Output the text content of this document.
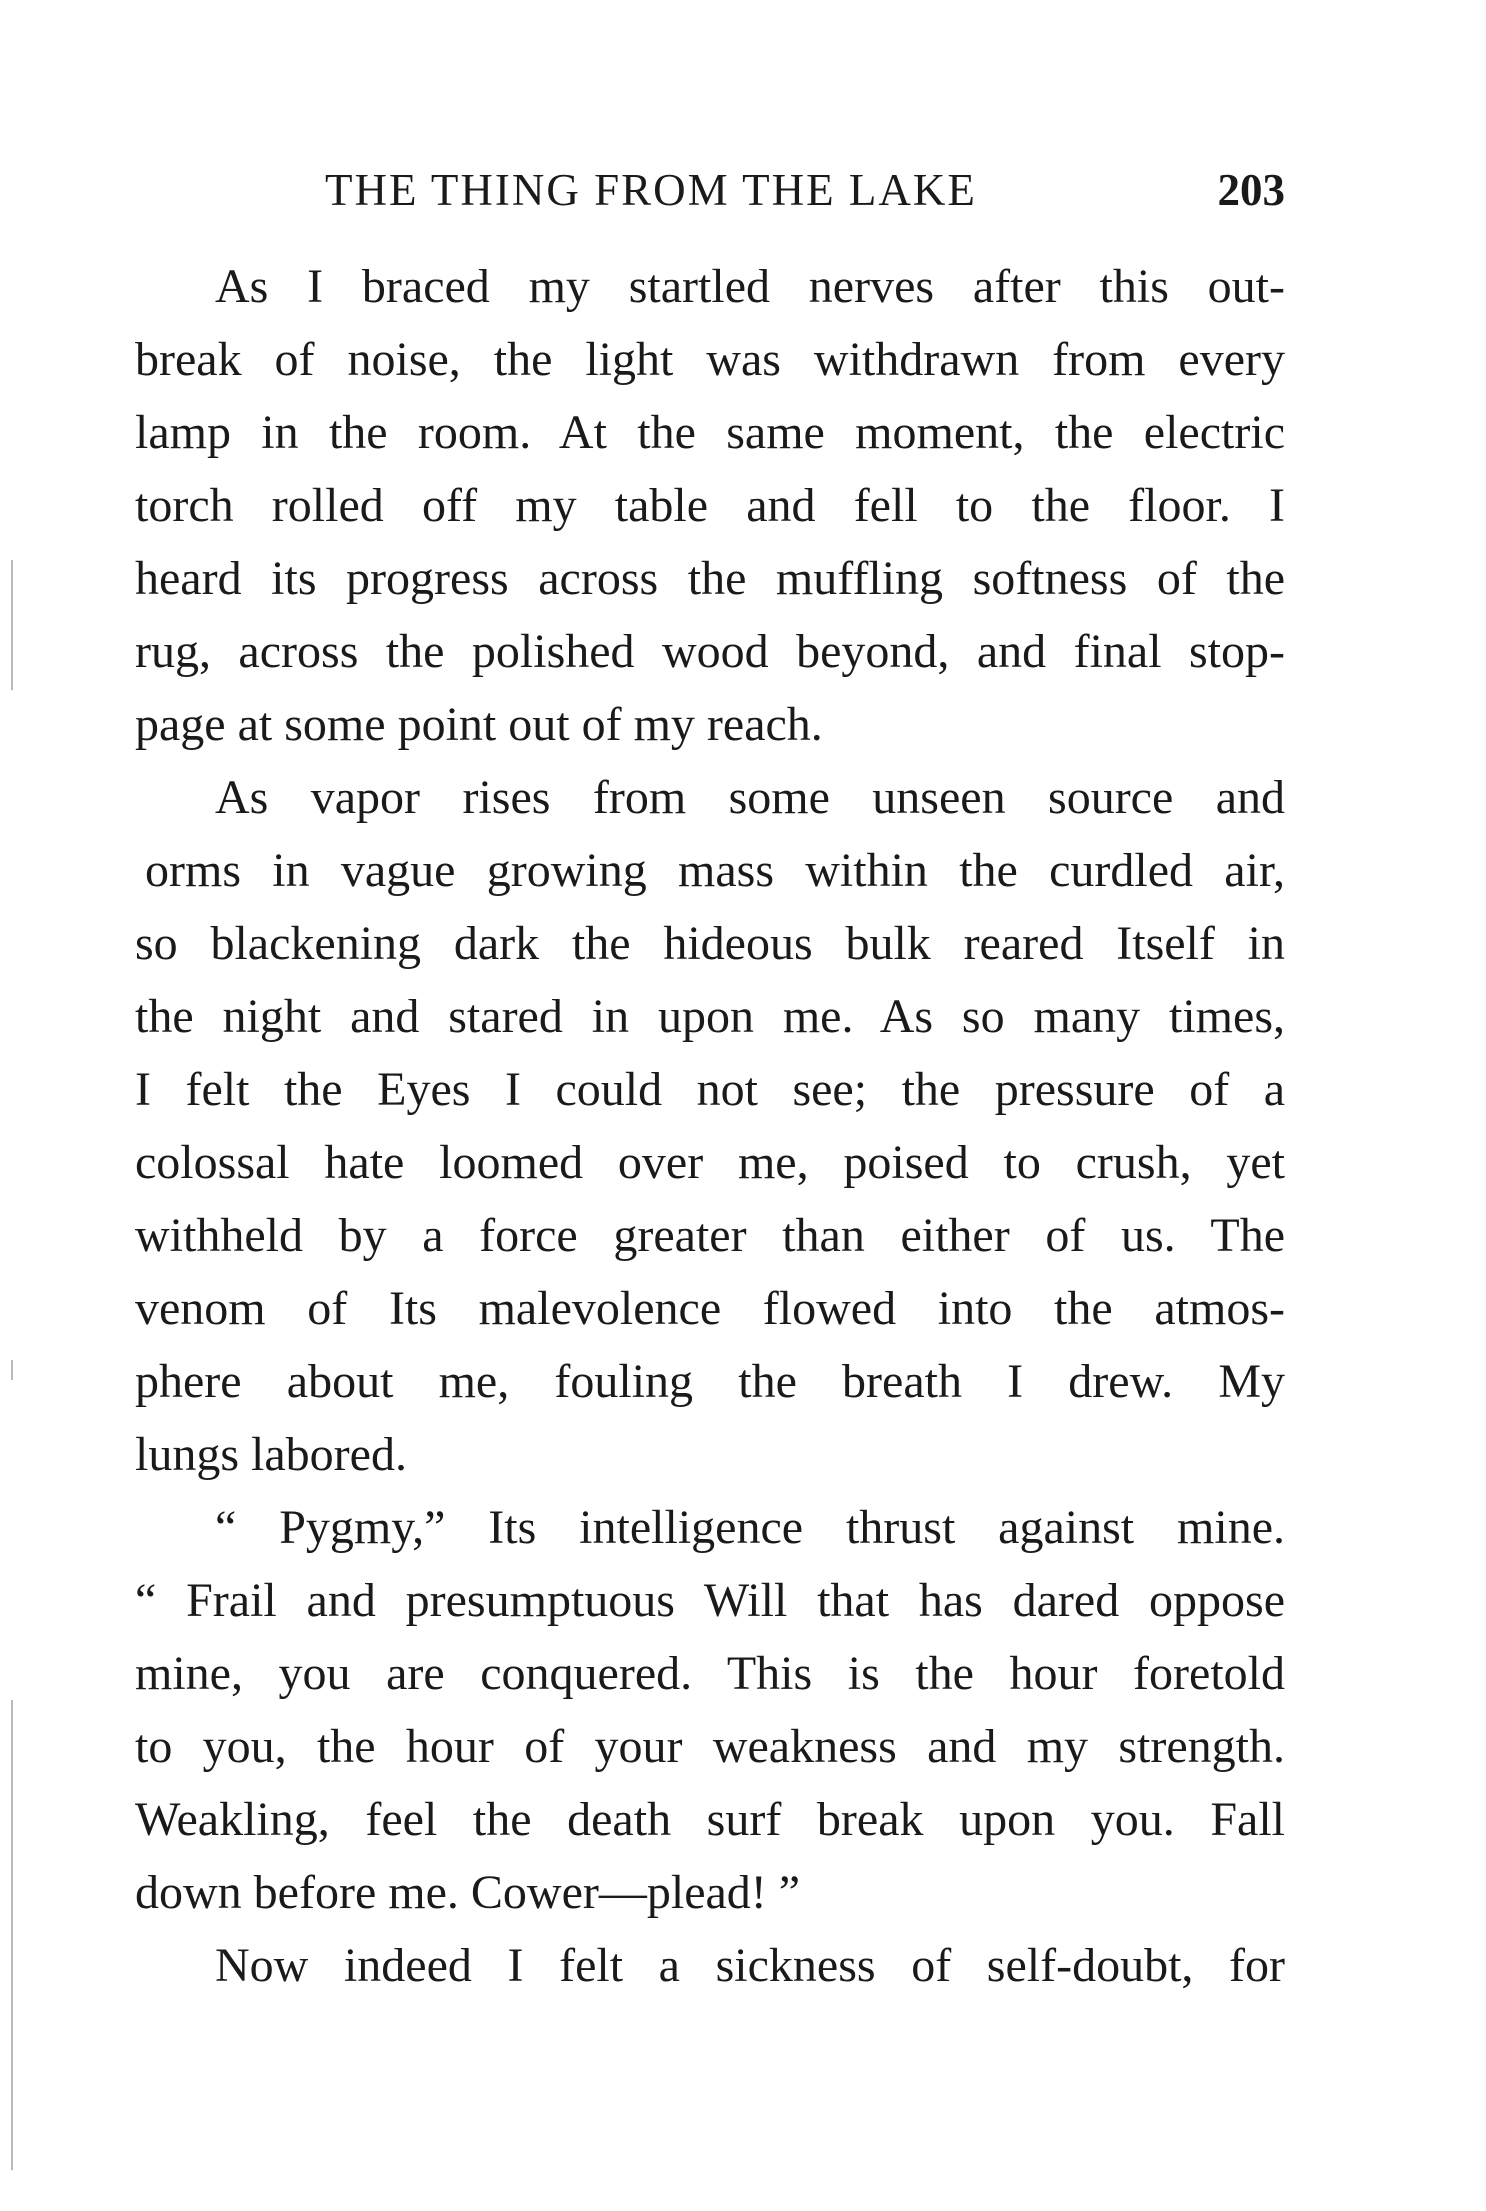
THE THING FROM THE LAKE	203
As I braced my startled nerves after this out-
break of noise, the light was withdrawn from every
lamp in the room. At the same moment, the electric
torch rolled off my table and fell to the floor. I
heard its progress across the muffling softness of the
rug, across the polished wood beyond, and final stop-
page at some point out of my reach.
As vapor rises from some unseen source and
orms in vague growing mass within the curdled air,
so blackening dark the hideous bulk reared Itself in
the night and stared in upon me. As so many times,
I felt the Eyes I could not see; the pressure of a
colossal hate loomed over me, poised to crush, yet
withheld by a force greater than either of us. The
venom of Its malevolence flowed into the atmos-
phere about me, fouling the breath I drew. My
lungs labored.
“ Pygmy,” Its intelligence thrust against mine.
“ Frail and presumptuous Will that has dared oppose
mine, you are conquered. This is the hour foretold
to you, the hour of your weakness and my strength.
Weakling, feel the death surf break upon you. Fall
down before me. Cower—plead! ”
Now indeed I felt a sickness of self-doubt, for
